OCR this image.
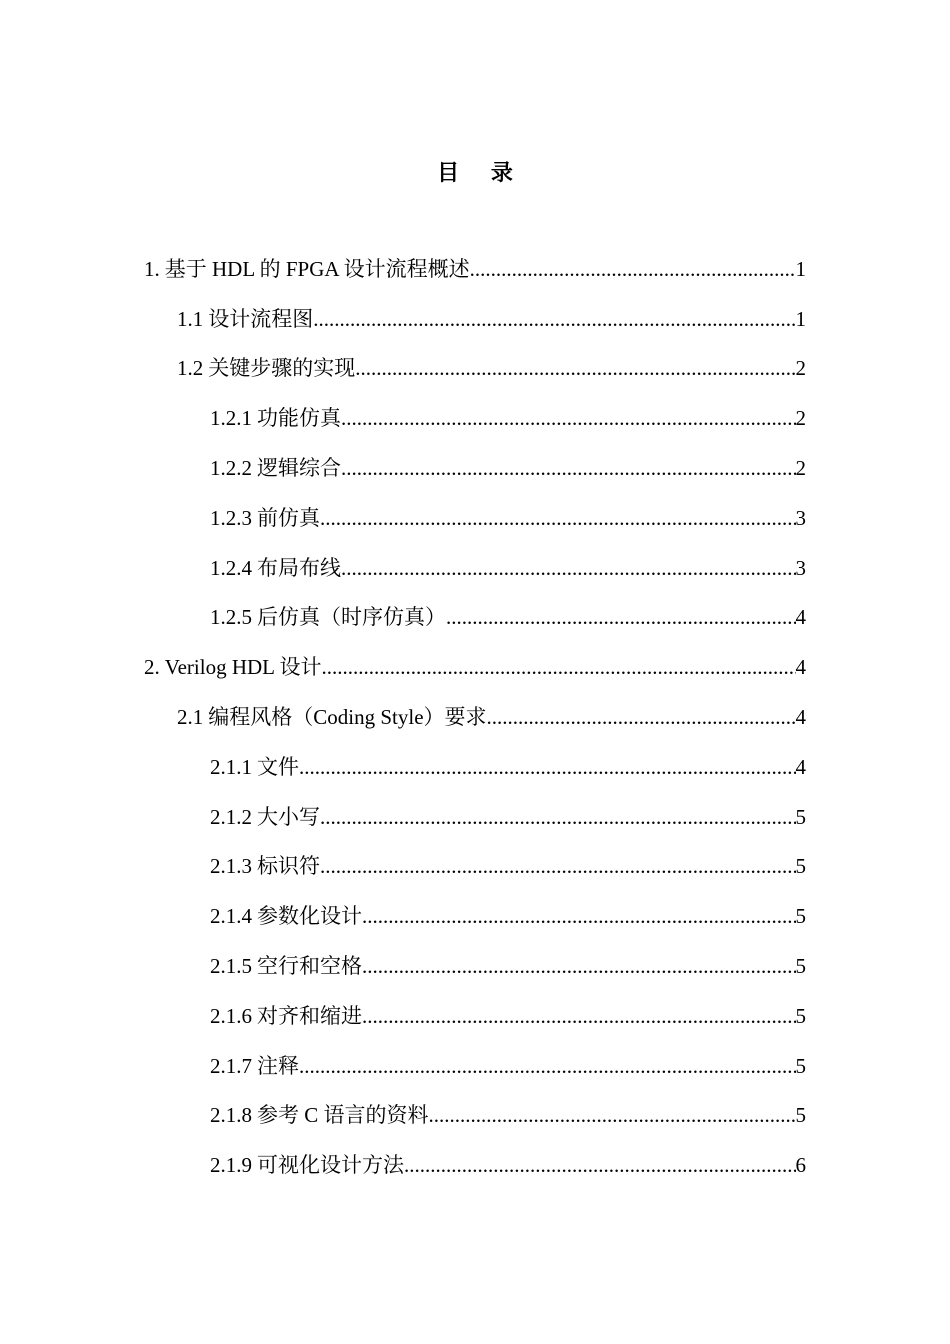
目 录
1. 基于 HDL 的 FPGA 设计流程概述 .....	1
1.1 设计流程图 .....	1
1.2 关键步骤的实现 .....	2
1.2.1 功能仿真 .....	2
1.2.2 逻辑综合 .....	2
1.2.3 前仿真 .....	3
1.2.4 布局布线 .....	3
1.2.5 后仿真（时序仿真） .....	4
2. Verilog HDL 设计 .....	4
2.1 编程风格（Coding Style）要求 .....	4
2.1.1 文件 .....	4
2.1.2 大小写 .....	5
2.1.3 标识符 .....	5
2.1.4 参数化设计 .....	5
2.1.5 空行和空格 .....	5
2.1.6 对齐和缩进 .....	5
2.1.7 注释 .....	5
2.1.8 参考 C 语言的资料 .....	5
2.1.9 可视化设计方法 .....	6
